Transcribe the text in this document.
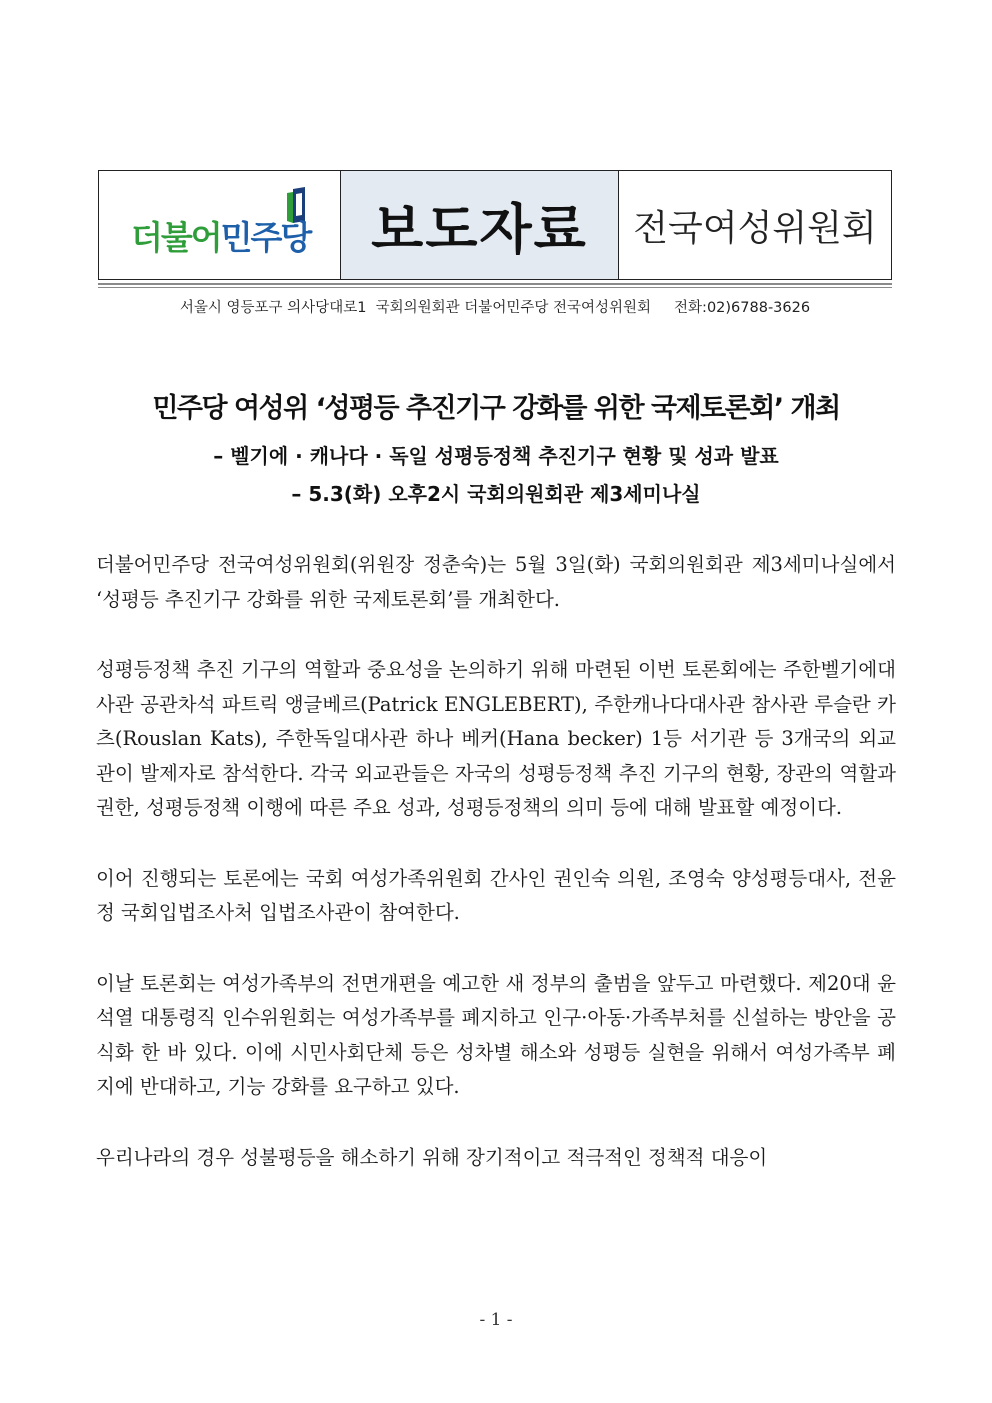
더불어민주당	보도자료	전국여성위원회
서울시 영등포구 의사당대로1  국회의원회관 더불어민주당 전국여성위원회     전화:02)6788-3626
민주당 여성위 ‘성평등 추진기구 강화를 위한 국제토론회’ 개최
– 벨기에 · 캐나다 · 독일 성평등정책 추진기구 현황 및 성과 발표
– 5.3(화) 오후2시 국회의원회관 제3세미나실

더불어민주당 전국여성위원회(위원장 정춘숙)는 5월 3일(화) 국회의원회관 제3세미나실에서 ‘성평등 추진기구 강화를 위한 국제토론회’를 개최한다.

성평등정책 추진 기구의 역할과 중요성을 논의하기 위해 마련된 이번 토론회에는 주한벨기에대사관 공관차석 파트릭 앵글베르(Patrick ENGLEBERT), 주한캐나다대사관 참사관 루슬란 카츠(Rouslan Kats), 주한독일대사관 하나 베커(Hana becker) 1등 서기관 등 3개국의 외교관이 발제자로 참석한다. 각국 외교관들은 자국의 성평등정책 추진 기구의 현황, 장관의 역할과 권한, 성평등정책 이행에 따른 주요 성과, 성평등정책의 의미 등에 대해 발표할 예정이다.

이어 진행되는 토론에는 국회 여성가족위원회 간사인 권인숙 의원, 조영숙 양성평등대사, 전윤정 국회입법조사처 입법조사관이 참여한다.

이날 토론회는 여성가족부의 전면개편을 예고한 새 정부의 출범을 앞두고 마련했다. 제20대 윤석열 대통령직 인수위원회는 여성가족부를 폐지하고 인구·아동·가족부처를 신설하는 방안을 공식화 한 바 있다. 이에 시민사회단체 등은 성차별 해소와 성평등 실현을 위해서 여성가족부 폐지에 반대하고, 기능 강화를 요구하고 있다.

우리나라의 경우 성불평등을 해소하기 위해 장기적이고 적극적인 정책적 대응이

- 1 -
